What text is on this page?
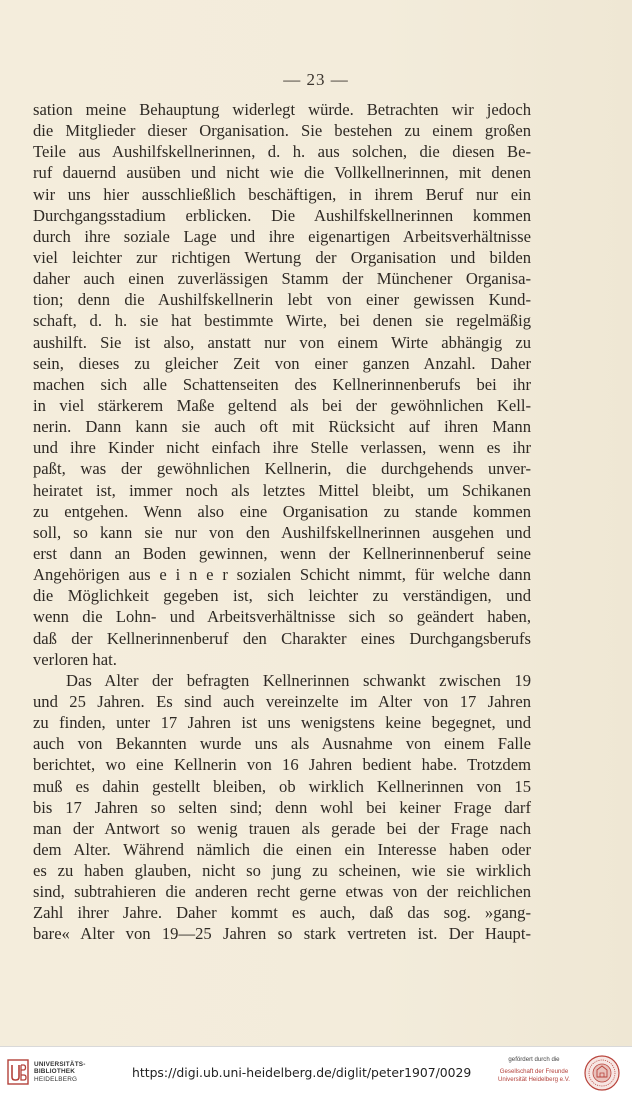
— 23 —
sation meine Behauptung widerlegt würde. Betrachten wir jedoch
die Mitglieder dieser Organisation. Sie bestehen zu einem großen
Teile aus Aushilfskellnerinnen, d. h. aus solchen, die diesen Be-
ruf dauernd ausüben und nicht wie die Vollkellnerinnen, mit denen
wir uns hier ausschließlich beschäftigen, in ihrem Beruf nur ein
Durchgangsstadium erblicken. Die Aushilfskellnerinnen kommen
durch ihre soziale Lage und ihre eigenartigen Arbeitsverhältnisse
viel leichter zur richtigen Wertung der Organisation und bilden
daher auch einen zuverlässigen Stamm der Münchener Organisa-
tion; denn die Aushilfskellnerin lebt von einer gewissen Kund-
schaft, d. h. sie hat bestimmte Wirte, bei denen sie regelmäßig
aushilft. Sie ist also, anstatt nur von einem Wirte abhängig zu
sein, dieses zu gleicher Zeit von einer ganzen Anzahl. Daher
machen sich alle Schattenseiten des Kellnerinnenberufs bei ihr
in viel stärkerem Maße geltend als bei der gewöhnlichen Kell-
nerin. Dann kann sie auch oft mit Rücksicht auf ihren Mann
und ihre Kinder nicht einfach ihre Stelle verlassen, wenn es ihr
paßt, was der gewöhnlichen Kellnerin, die durchgehends unver-
heiratet ist, immer noch als letztes Mittel bleibt, um Schikanen
zu entgehen. Wenn also eine Organisation zu stande kommen
soll, so kann sie nur von den Aushilfskellnerinnen ausgehen und
erst dann an Boden gewinnen, wenn der Kellnerinnenberuf seine
Angehörigen aus e i n e r sozialen Schicht nimmt, für welche dann
die Möglichkeit gegeben ist, sich leichter zu verständigen, und
wenn die Lohn- und Arbeitsverhältnisse sich so geändert haben,
daß der Kellnerinnenberuf den Charakter eines Durchgangsberufs
verloren hat.
Das Alter der befragten Kellnerinnen schwankt zwischen 19
und 25 Jahren. Es sind auch vereinzelte im Alter von 17 Jahren
zu finden, unter 17 Jahren ist uns wenigstens keine begegnet, und
auch von Bekannten wurde uns als Ausnahme von einem Falle
berichtet, wo eine Kellnerin von 16 Jahren bedient habe. Trotzdem
muß es dahin gestellt bleiben, ob wirklich Kellnerinnen von 15
bis 17 Jahren so selten sind; denn wohl bei keiner Frage darf
man der Antwort so wenig trauen als gerade bei der Frage nach
dem Alter. Während nämlich die einen ein Interesse haben oder
es zu haben glauben, nicht so jung zu scheinen, wie sie wirklich
sind, subtrahieren die anderen recht gerne etwas von der reichlichen
Zahl ihrer Jahre. Daher kommt es auch, daß das sog. »gang-
bare« Alter von 19—25 Jahren so stark vertreten ist. Der Haupt-
UNIVERSITÄTS-
BIBLIOTHEK
HEIDELBERG	https://digi.ub.uni-heidelberg.de/diglit/peter1907/0029
gefördert durch die
Gesellschaft der Freunde
Universität Heidelberg e.V.
